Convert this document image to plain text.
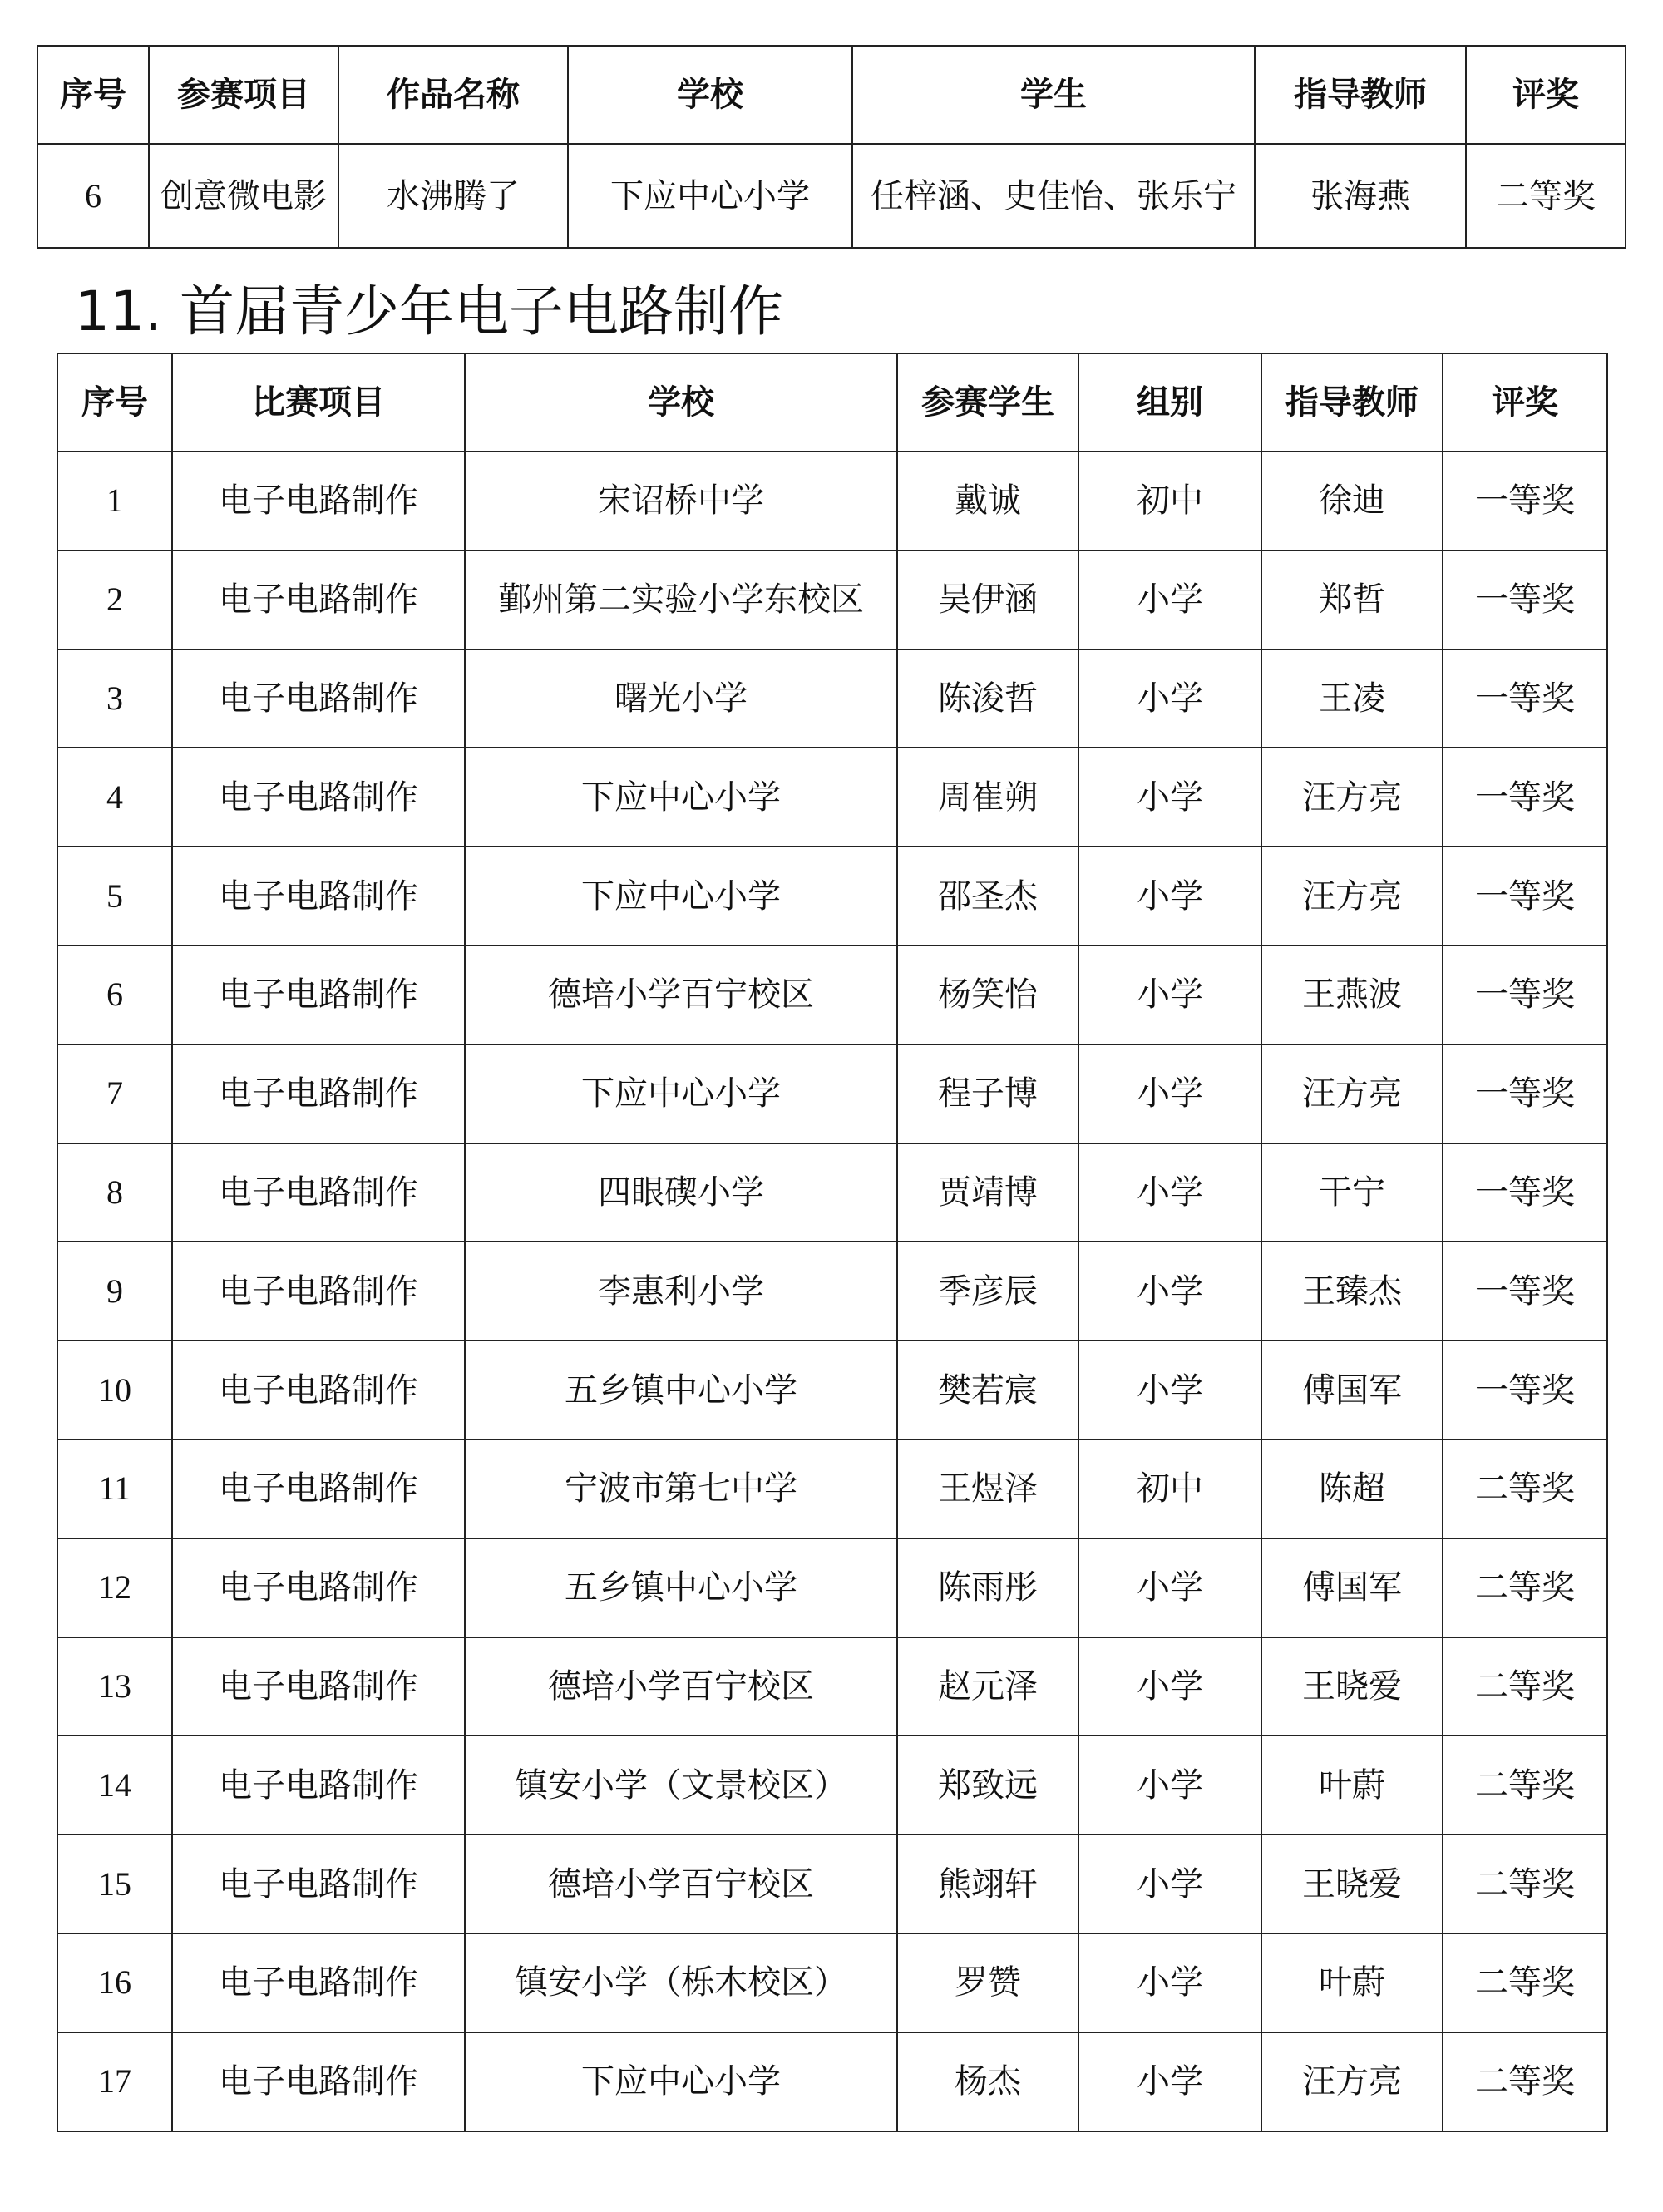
序号	参赛项目	作品名称	学校	学生	指导教师	评奖
6	创意微电影	水沸腾了	下应中心小学	任梓涵、史佳怡、张乐宁	张海燕	二等奖
11. 首届青少年电子电路制作
序号	比赛项目	学校	参赛学生	组别	指导教师	评奖
1	电子电路制作	宋诏桥中学	戴诚	初中	徐迪	一等奖
2	电子电路制作	鄞州第二实验小学东校区	吴伊涵	小学	郑哲	一等奖
3	电子电路制作	曙光小学	陈浚哲	小学	王凌	一等奖
4	电子电路制作	下应中心小学	周崔朔	小学	汪方亮	一等奖
5	电子电路制作	下应中心小学	邵圣杰	小学	汪方亮	一等奖
6	电子电路制作	德培小学百宁校区	杨笑怡	小学	王燕波	一等奖
7	电子电路制作	下应中心小学	程子博	小学	汪方亮	一等奖
8	电子电路制作	四眼碶小学	贾靖博	小学	干宁	一等奖
9	电子电路制作	李惠利小学	季彦辰	小学	王臻杰	一等奖
10	电子电路制作	五乡镇中心小学	樊若宸	小学	傅国军	一等奖
11	电子电路制作	宁波市第七中学	王煜泽	初中	陈超	二等奖
12	电子电路制作	五乡镇中心小学	陈雨彤	小学	傅国军	二等奖
13	电子电路制作	德培小学百宁校区	赵元泽	小学	王晓爱	二等奖
14	电子电路制作	镇安小学（文景校区）	郑致远	小学	叶蔚	二等奖
15	电子电路制作	德培小学百宁校区	熊翊轩	小学	王晓爱	二等奖
16	电子电路制作	镇安小学（栎木校区）	罗赞	小学	叶蔚	二等奖
17	电子电路制作	下应中心小学	杨杰	小学	汪方亮	二等奖
